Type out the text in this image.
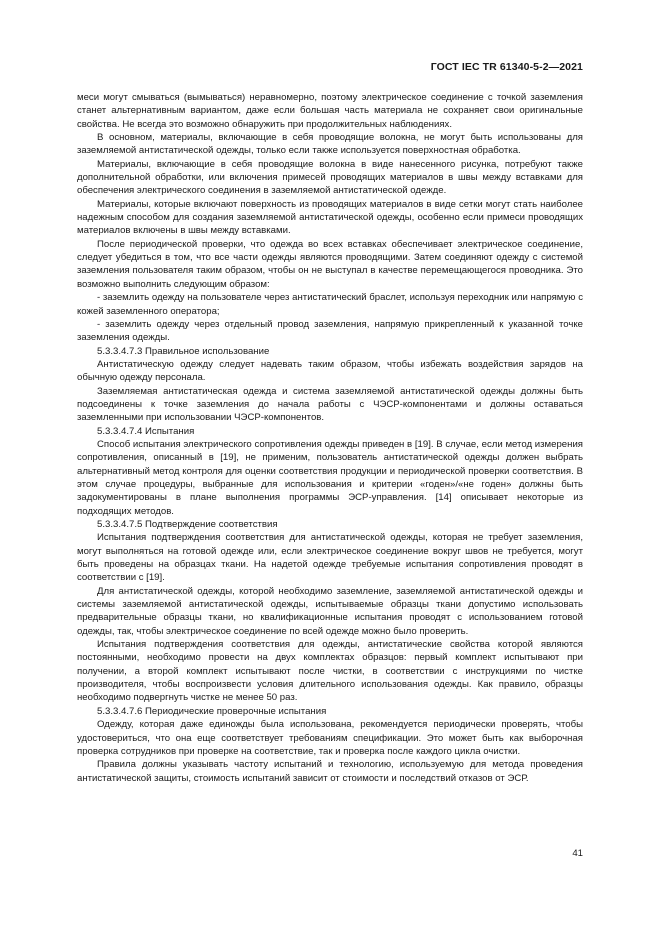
ГОСТ IEC TR 61340-5-2—2021

меси могут смываться (вымываться) неравномерно, поэтому электрическое соединение с точкой заземления станет альтернативным вариантом, даже если большая часть материала не сохраняет свои оригинальные свойства. Не всегда это возможно обнаружить при продолжительных наблюдениях.

В основном, материалы, включающие в себя проводящие волокна, не могут быть использованы для заземляемой антистатической одежды, только если также используется поверхностная обработка.

Материалы, включающие в себя проводящие волокна в виде нанесенного рисунка, потребуют также дополнительной обработки, или включения примесей проводящих материалов в швы между вставками для обеспечения электрического соединения в заземляемой антистатической одежде.

Материалы, которые включают поверхность из проводящих материалов в виде сетки могут стать наиболее надежным способом для создания заземляемой антистатической одежды, особенно если примеси проводящих материалов включены в швы между вставками.

После периодической проверки, что одежда во всех вставках обеспечивает электрическое соединение, следует убедиться в том, что все части одежды являются проводящими. Затем соединяют одежду с системой заземления пользователя таким образом, чтобы он не выступал в качестве перемещающегося проводника. Это возможно выполнить следующим образом:

- заземлить одежду на пользователе через антистатический браслет, используя переходник или напрямую с кожей заземленного оператора;

- заземлить одежду через отдельный провод заземления, напрямую прикрепленный к указанной точке заземления одежды.

5.3.3.4.7.3 Правильное использование

Антистатическую одежду следует надевать таким образом, чтобы избежать воздействия зарядов на обычную одежду персонала.

Заземляемая антистатическая одежда и система заземляемой антистатической одежды должны быть подсоединены к точке заземления до начала работы с ЧЭСР-компонентами и должны оставаться заземленными при использовании ЧЭСР-компонентов.

5.3.3.4.7.4 Испытания

Способ испытания электрического сопротивления одежды приведен в [19]. В случае, если метод измерения сопротивления, описанный в [19], не применим, пользователь антистатической одежды должен выбрать альтернативный метод контроля для оценки соответствия продукции и периодической проверки соответствия. В этом случае процедуры, выбранные для использования и критерии «годен»/«не годен» должны быть задокументированы в плане выполнения программы ЭСР-управления. [14] описывает некоторые из подходящих методов.

5.3.3.4.7.5 Подтверждение соответствия

Испытания подтверждения соответствия для антистатической одежды, которая не требует заземления, могут выполняться на готовой одежде или, если электрическое соединение вокруг швов не требуется, могут быть проведены на образцах ткани. На надетой одежде требуемые испытания сопротивления проводят в соответствии с [19].

Для антистатической одежды, которой необходимо заземление, заземляемой антистатической одежды и системы заземляемой антистатической одежды, испытываемые образцы ткани допустимо использовать предварительные образцы ткани, но квалификационные испытания проводят с использованием готовой одежды, так, чтобы электрическое соединение по всей одежде можно было проверить.

Испытания подтверждения соответствия для одежды, антистатические свойства которой являются постоянными, необходимо провести на двух комплектах образцов: первый комплект испытывают при получении, а второй комплект испытывают после чистки, в соответствии с инструкциями по чистке производителя, чтобы воспроизвести условия длительного использования одежды. Как правило, образцы необходимо подвергнуть чистке не менее 50 раз.

5.3.3.4.7.6 Периодические проверочные испытания

Одежду, которая даже единожды была использована, рекомендуется периодически проверять, чтобы удостовериться, что она еще соответствует требованиям спецификации. Это может быть как выборочная проверка сотрудников при проверке на соответствие, так и проверка после каждого цикла очистки.

Правила должны указывать частоту испытаний и технологию, используемую для метода проведения антистатической защиты, стоимость испытаний зависит от стоимости и последствий отказов от ЭСР.

41
